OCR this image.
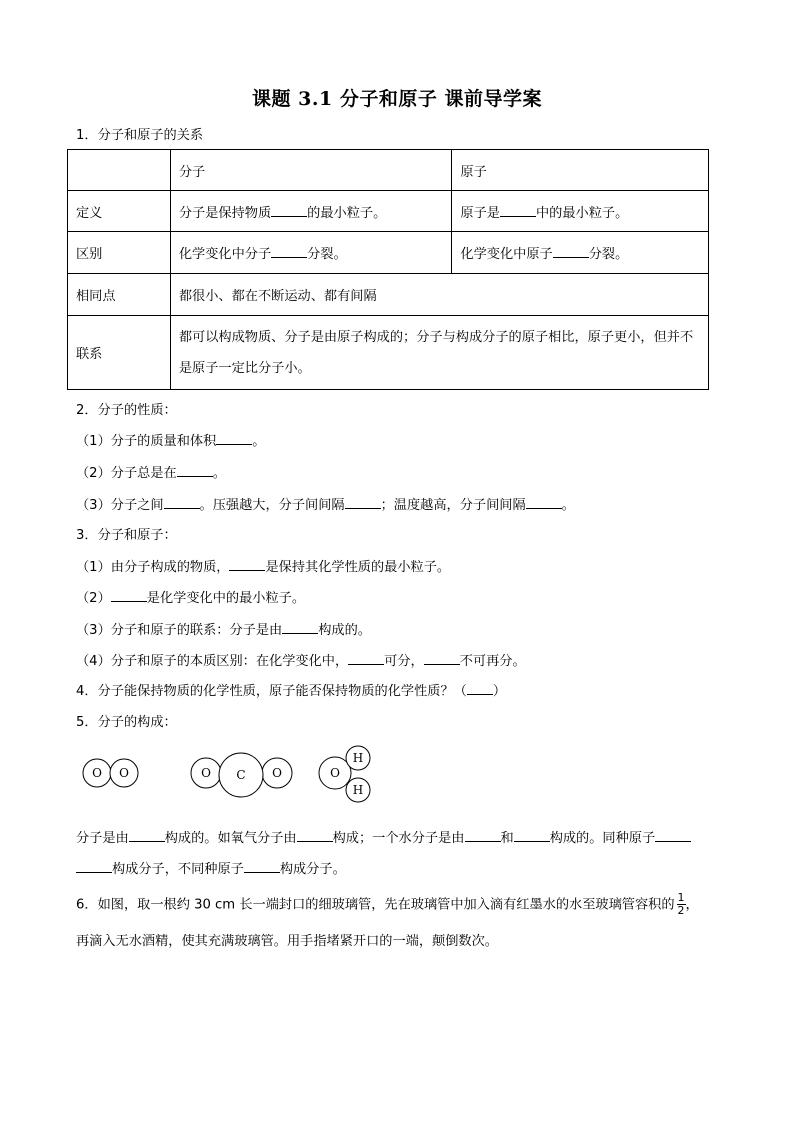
课题 3.1 分子和原子 课前导学案
1．分子和原子的关系
	分子	原子
定义	分子是保持物质 的最小粒子。	原子是 中的最小粒子。
区别	化学变化中分子 分裂。	化学变化中原子 分裂。
相同点	都很小、都在不断运动、都有间隔	
联系	都可以构成物质、分子是由原子构成的；分子与构成分子的原子相比，原子更小，但并不是原子一定比分子小。	
2．分子的性质：
（1）分子的质量和体积	。
（2）分子总是在	。
（3）分子之间	。压强越大，分子间间隔	；温度越高，分子间间隔	。
3．分子和原子：
（1）由分子构成的物质，	是保持其化学性质的最小粒子。
（2）	是化学变化中的最小粒子。
（3）分子和原子的联系：分子是由	构成的。
（4）分子和原子的本质区别：在化学变化中，	可分，	不可再分。
4．分子能保持物质的化学性质，原子能否保持物质的化学性质？（ ）
5．分子的构成：
O O	O C O	O
H
H
分子是由	构成的。如氧气分子由	构成；一个水分子是由	和	构成的。同种原子
构成分子，不同种原子	构成分子。
6．如图，取一根约 30 cm 长一端封口的细玻璃管，先在玻璃管中加入滴有红墨水的水至玻璃管容积的 $\frac{1}{2}$ ，
再滴入无水酒精，使其充满玻璃管。用手指堵紧开口的一端，颠倒数次。
